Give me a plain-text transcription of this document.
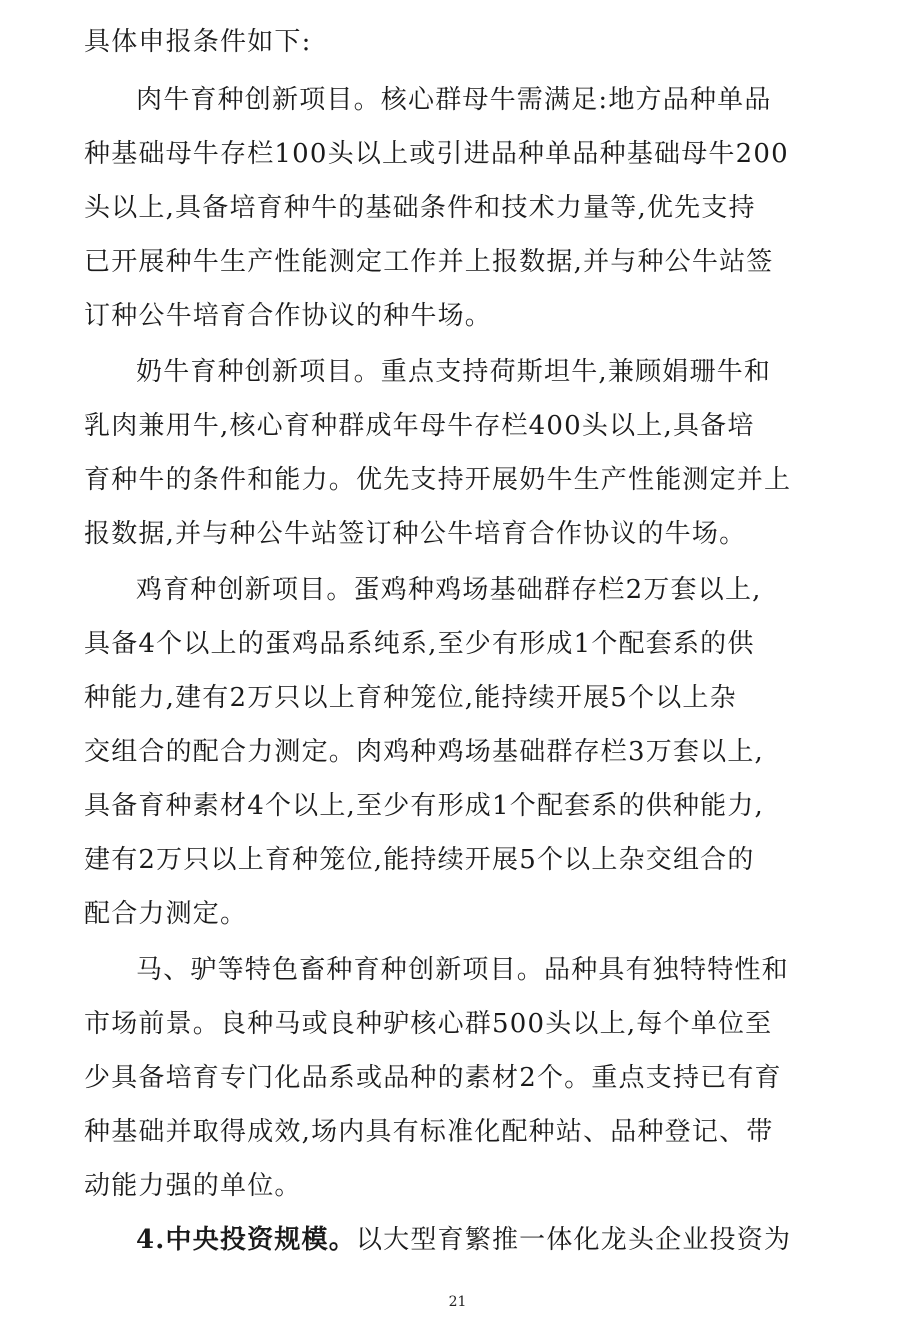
具体申报条件如下:
肉牛育种创新项目。核心群母牛需满足:地方品种单品
种基础母牛存栏100头以上或引进品种单品种基础母牛200
头以上,具备培育种牛的基础条件和技术力量等,优先支持
已开展种牛生产性能测定工作并上报数据,并与种公牛站签
订种公牛培育合作协议的种牛场。
奶牛育种创新项目。重点支持荷斯坦牛,兼顾娟珊牛和
乳肉兼用牛,核心育种群成年母牛存栏400头以上,具备培
育种牛的条件和能力。优先支持开展奶牛生产性能测定并上
报数据,并与种公牛站签订种公牛培育合作协议的牛场。
鸡育种创新项目。蛋鸡种鸡场基础群存栏2万套以上,
具备4个以上的蛋鸡品系纯系,至少有形成1个配套系的供
种能力,建有2万只以上育种笼位,能持续开展5个以上杂
交组合的配合力测定。肉鸡种鸡场基础群存栏3万套以上,
具备育种素材4个以上,至少有形成1个配套系的供种能力,
建有2万只以上育种笼位,能持续开展5个以上杂交组合的
配合力测定。
马、驴等特色畜种育种创新项目。品种具有独特特性和
市场前景。良种马或良种驴核心群500头以上,每个单位至
少具备培育专门化品系或品种的素材2个。重点支持已有育
种基础并取得成效,场内具有标准化配种站、品种登记、带
动能力强的单位。
4.中央投资规模。以大型育繁推一体化龙头企业投资为
21
